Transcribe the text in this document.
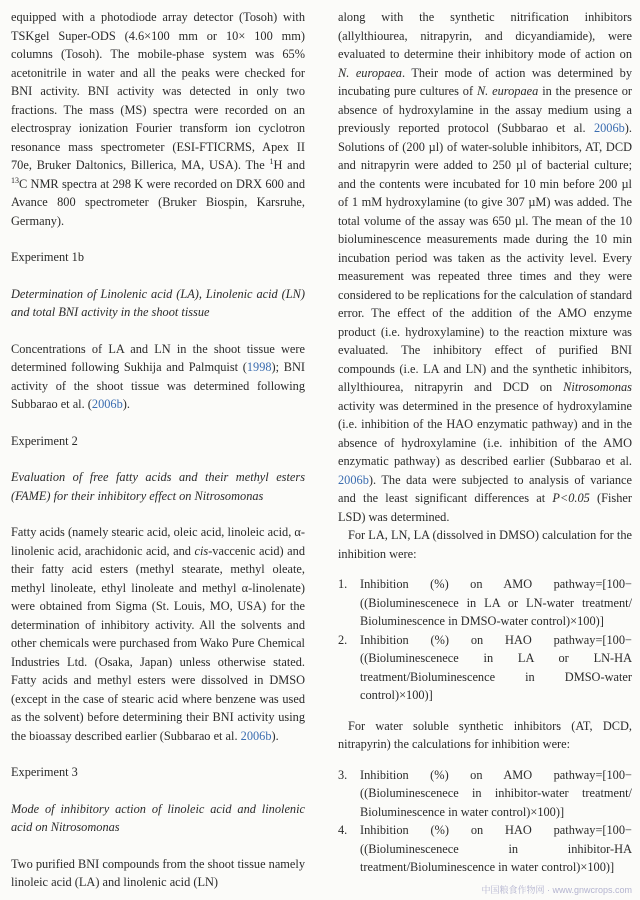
equipped with a photodiode array detector (Tosoh) with TSKgel Super-ODS (4.6×100 mm or 10× 100 mm) columns (Tosoh). The mobile-phase system was 65% acetonitrile in water and all the peaks were checked for BNI activity. BNI activity was detected in only two fractions. The mass (MS) spectra were recorded on an electrospray ionization Fourier transform ion cyclotron resonance mass spectrometer (ESI-FTICRMS, Apex II 70e, Bruker Daltonics, Billerica, MA, USA). The $^1$H and $^{13}$C NMR spectra at 298 K were recorded on DRX 600 and Avance 800 spectrometer (Bruker Biospin, Karsruhe, Germany).

Experiment 1b

Determination of Linolenic acid (LA), Linolenic acid (LN) and total BNI activity in the shoot tissue

Concentrations of LA and LN in the shoot tissue were determined following Sukhija and Palmquist (1998); BNI activity of the shoot tissue was determined following Subbarao et al. (2006b).

Experiment 2

Evaluation of free fatty acids and their methyl esters (FAME) for their inhibitory effect on Nitrosomonas

Fatty acids (namely stearic acid, oleic acid, linoleic acid, α-linolenic acid, arachidonic acid, and cis-vaccenic acid) and their fatty acid esters (methyl stearate, methyl oleate, methyl linoleate, ethyl linoleate and methyl α-linolenate) were obtained from Sigma (St. Louis, MO, USA) for the determination of inhibitory activity. All the solvents and other chemicals were purchased from Wako Pure Chemical Industries Ltd. (Osaka, Japan) unless otherwise stated. Fatty acids and methyl esters were dissolved in DMSO (except in the case of stearic acid where benzene was used as the solvent) before determining their BNI activity using the bioassay described earlier (Subbarao et al. 2006b).

Experiment 3

Mode of inhibitory action of linoleic acid and linolenic acid on Nitrosomonas

Two purified BNI compounds from the shoot tissue namely linoleic acid (LA) and linolenic acid (LN)

along with the synthetic nitrification inhibitors (allylthiourea, nitrapyrin, and dicyandiamide), were evaluated to determine their inhibitory mode of action on N. europaea. Their mode of action was determined by incubating pure cultures of N. europaea in the presence or absence of hydroxylamine in the assay medium using a previously reported protocol (Subbarao et al. 2006b). Solutions of (200 µl) of water-soluble inhibitors, AT, DCD and nitrapyrin were added to 250 µl of bacterial culture; and the contents were incubated for 10 min before 200 µl of 1 mM hydroxylamine (to give 307 µM) was added. The total volume of the assay was 650 µl. The mean of the 10 bioluminescence measurements made during the 10 min incubation period was taken as the activity level. Every measurement was repeated three times and they were considered to be replications for the calculation of standard error. The effect of the addition of the AMO enzyme product (i.e. hydroxylamine) to the reaction mixture was evaluated. The inhibitory effect of purified BNI compounds (i.e. LA and LN) and the synthetic inhibitors, allylthiourea, nitrapyrin and DCD on Nitrosomonas activity was determined in the presence of hydroxylamine (i.e. inhibition of the HAO enzymatic pathway) and in the absence of hydroxylamine (i.e. inhibition of the AMO enzymatic pathway) as described earlier (Subbarao et al. 2006b). The data were subjected to analysis of variance and the least significant differences at P<0.05 (Fisher LSD) was determined.

For LA, LN, LA (dissolved in DMSO) calculation for the inhibition were:

1. Inhibition (%) on AMO pathway=[100−((Bioluminescenece in LA or LN-water treatment/ Bioluminescence in DMSO-water control)×100)]
2. Inhibition (%) on HAO pathway=[100−((Bioluminescenece in LA or LN-HA treatment/Bioluminescence in DMSO-water control)×100)]

For water soluble synthetic inhibitors (AT, DCD, nitrapyrin) the calculations for inhibition were:

3. Inhibition (%) on AMO pathway=[100−((Bioluminescenece in inhibitor-water treatment/ Bioluminescence in water control)×100)]
4. Inhibition (%) on HAO pathway=[100−((Bioluminescenece in inhibitor-HA treatment/Bioluminescence in water control)×100)]
中国粮食作物网 · www.gnwcrops.com
